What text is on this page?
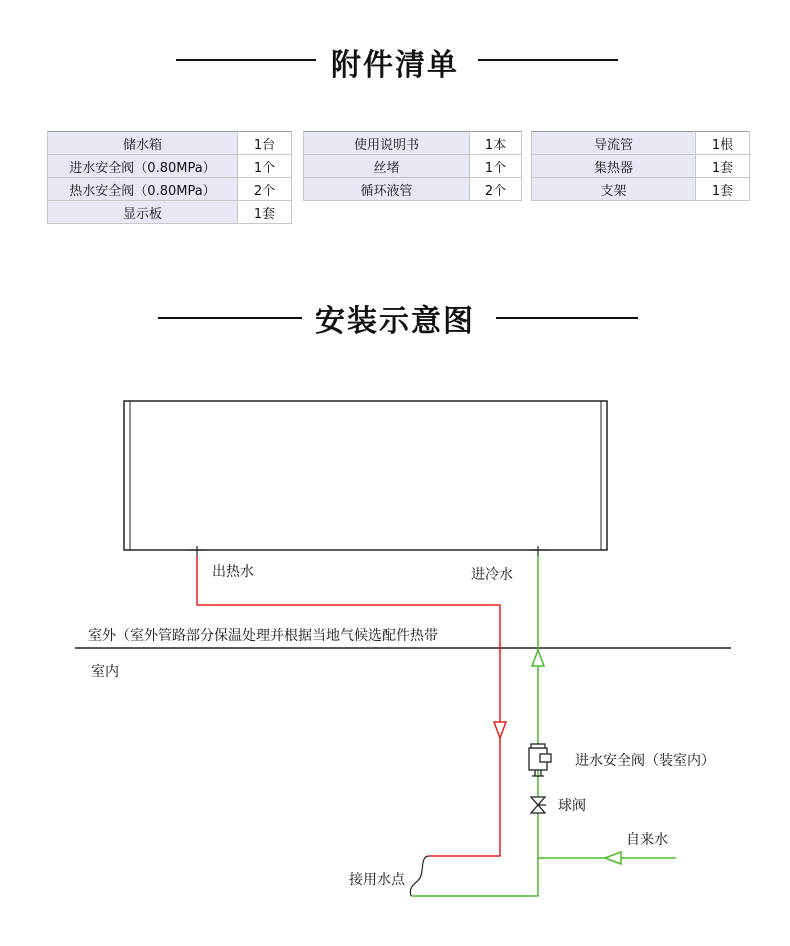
附件清单
储水箱	1台
进水安全阀（0.80MPa）	1个
热水安全阀（0.80MPa）	2个
显示板	1套
使用说明书	1本
丝堵	1个
循环液管	2个
导流管	1根
集热器	1套
支架	1套
安装示意图
出热水	进冷水
室外（室外管路部分保温处理并根据当地气候选配件热带
室内
进水安全阀（装室内）
球阀
自来水
接用水点
